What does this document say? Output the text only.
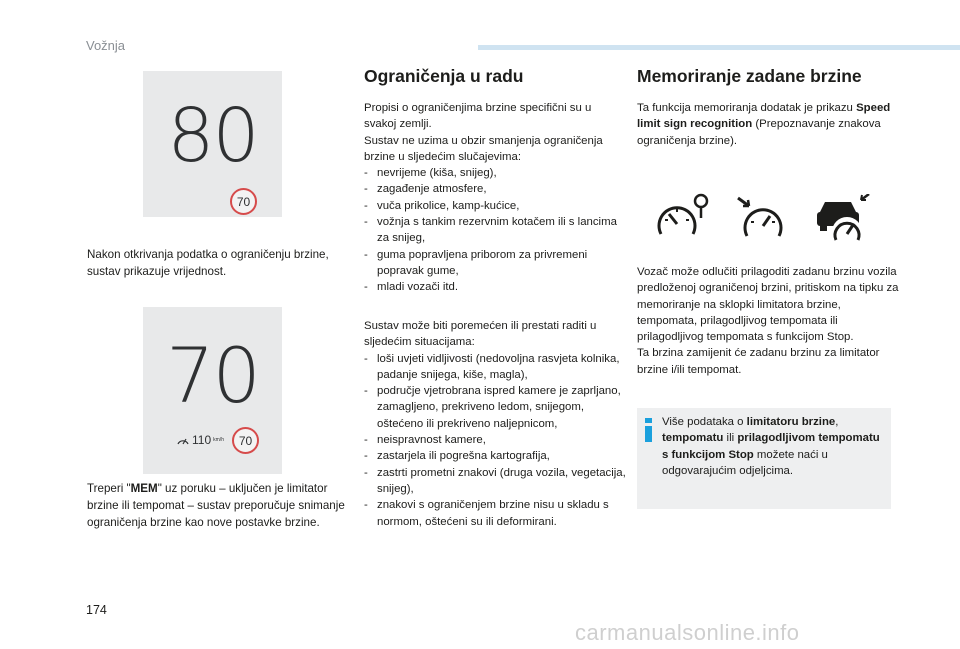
Vožnja
80
70
Nakon otkrivanja podatka o ograničenju brzine, sustav prikazuje vrijednost.
70
110 km/h 70
Treperi "MEM" uz poruku – uključen je limitator brzine ili tempomat – sustav preporučuje snimanje ograničenja brzine kao nove postavke brzine.
Ograničenja u radu
Propisi o ograničenjima brzine specifični su u svakoj zemlji.
Sustav ne uzima u obzir smanjenja ograničenja brzine u sljedećim slučajevima:
- nevrijeme (kiša, snijeg),
- zagađenje atmosfere,
- vuča prikolice, kamp-kućice,
- vožnja s tankim rezervnim kotačem ili s lancima za snijeg,
- guma popravljena priborom za privremeni popravak gume,
- mladi vozači itd.
Sustav može biti poremećen ili prestati raditi u sljedećim situacijama:
- loši uvjeti vidljivosti (nedovoljna rasvjeta kolnika, padanje snijega, kiše, magla),
- područje vjetrobrana ispred kamere je zaprljano, zamagljeno, prekriveno ledom, snijegom, oštećeno ili prekriveno naljepnicom,
- neispravnost kamere,
- zastarjela ili pogrešna kartografija,
- zastrti prometni znakovi (druga vozila, vegetacija, snijeg),
- znakovi s ograničenjem brzine nisu u skladu s normom, oštećeni su ili deformirani.
Memoriranje zadane brzine
Ta funkcija memoriranja dodatak je prikazu Speed limit sign recognition (Prepoznavanje znakova ograničenja brzine).
Vozač može odlučiti prilagoditi zadanu brzinu vozila predloženoj ograničenoj brzini, pritiskom na tipku za memoriranje na sklopki limitatora brzine, tempomata, prilagodljivog tempomata ili prilagodljivog tempomata s funkcijom Stop.
Ta brzina zamijenit će zadanu brzinu za limitator brzine i/ili tempomat.
Više podataka o limitatoru brzine, tempomatu ili prilagodljivom tempomatu s funkcijom Stop možete naći u odgovarajućim odjeljcima.
174
carmanualsonline.info
